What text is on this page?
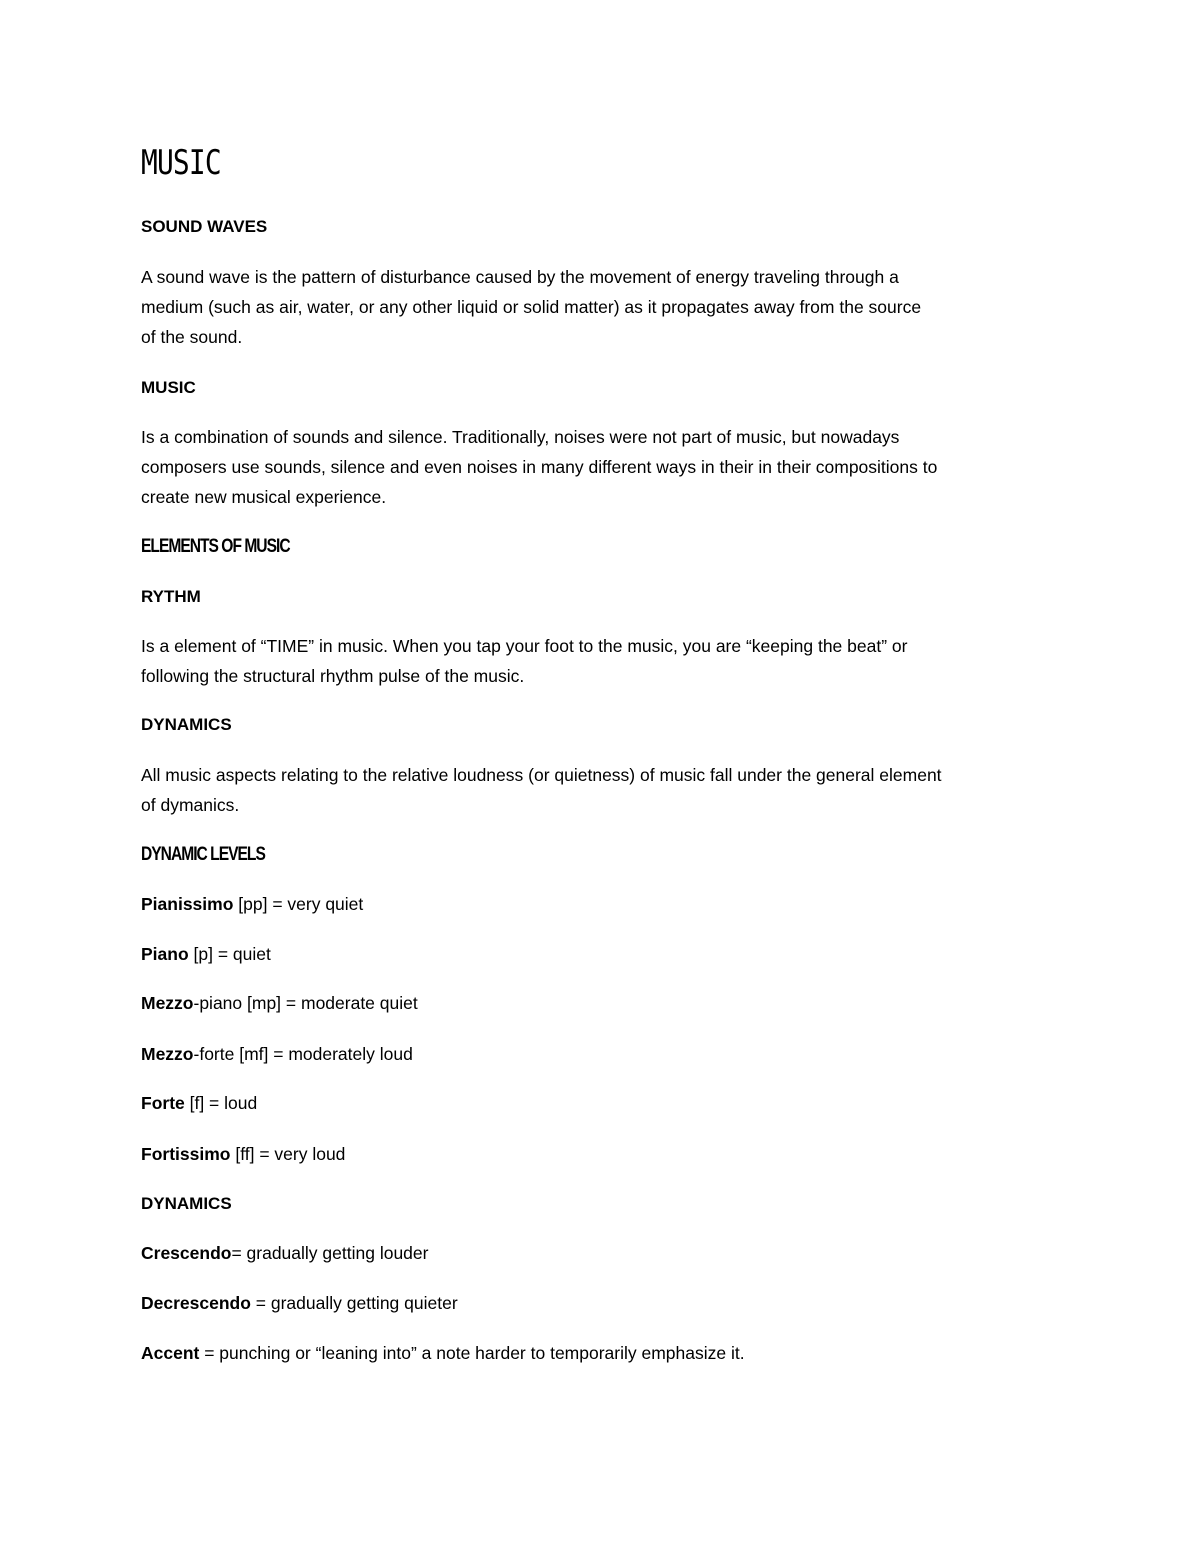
MUSIC
SOUND WAVES
A sound wave is the pattern of disturbance caused by the movement of energy traveling through a
medium (such as air, water, or any other liquid or solid matter) as it propagates away from the source
of the sound.
MUSIC
Is a combination of sounds and silence. Traditionally, noises were not part of music, but nowadays
composers use sounds, silence and even noises in many different ways in their in their compositions to
create new musical experience.
ELEMENTS OF MUSIC
RYTHM
Is a element of “TIME” in music. When you tap your foot to the music, you are “keeping the beat” or
following the structural rhythm pulse of the music.
DYNAMICS
All music aspects relating to the relative loudness (or quietness) of music fall under the general element
of dymanics.
DYNAMIC LEVELS
Pianissimo [pp] = very quiet
Piano [p] = quiet
Mezzo-piano [mp] = moderate quiet
Mezzo-forte [mf] = moderately loud
Forte [f] = loud
Fortissimo [ff] = very loud
DYNAMICS
Crescendo= gradually getting louder
Decrescendo = gradually getting quieter
Accent = punching or “leaning into” a note harder to temporarily emphasize it.
